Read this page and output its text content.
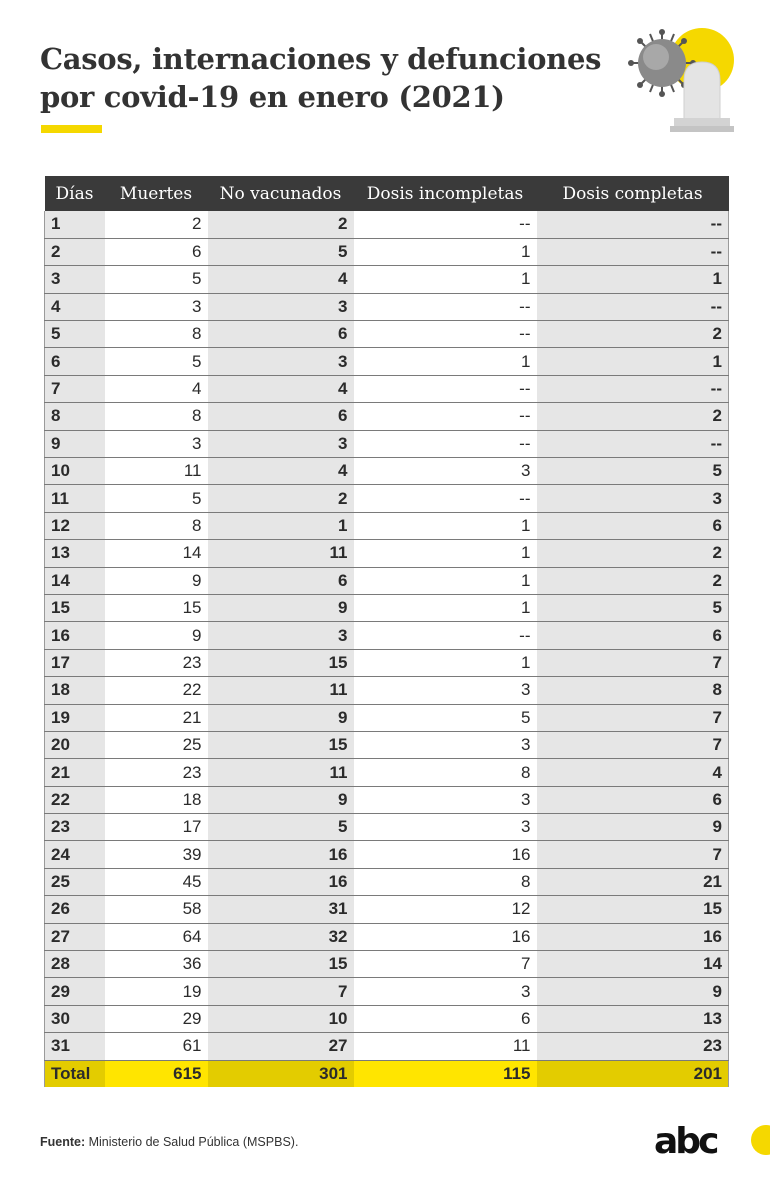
Casos, internaciones y defunciones por covid-19 en enero (2021)
Días	Muertes	No vacunados	Dosis incompletas	Dosis completas
1	2	2	--	--
2	6	5	1	--
3	5	4	1	1
4	3	3	--	--
5	8	6	--	2
6	5	3	1	1
7	4	4	--	--
8	8	6	--	2
9	3	3	--	--
10	11	4	3	5
11	5	2	--	3
12	8	1	1	6
13	14	11	1	2
14	9	6	1	2
15	15	9	1	5
16	9	3	--	6
17	23	15	1	7
18	22	11	3	8
19	21	9	5	7
20	25	15	3	7
21	23	11	8	4
22	18	9	3	6
23	17	5	3	9
24	39	16	16	7
25	45	16	8	21
26	58	31	12	15
27	64	32	16	16
28	36	15	7	14
29	19	7	3	9
30	29	10	6	13
31	61	27	11	23
Total	615	301	115	201
Fuente: Ministerio de Salud Pública (MSPBS).	abc
